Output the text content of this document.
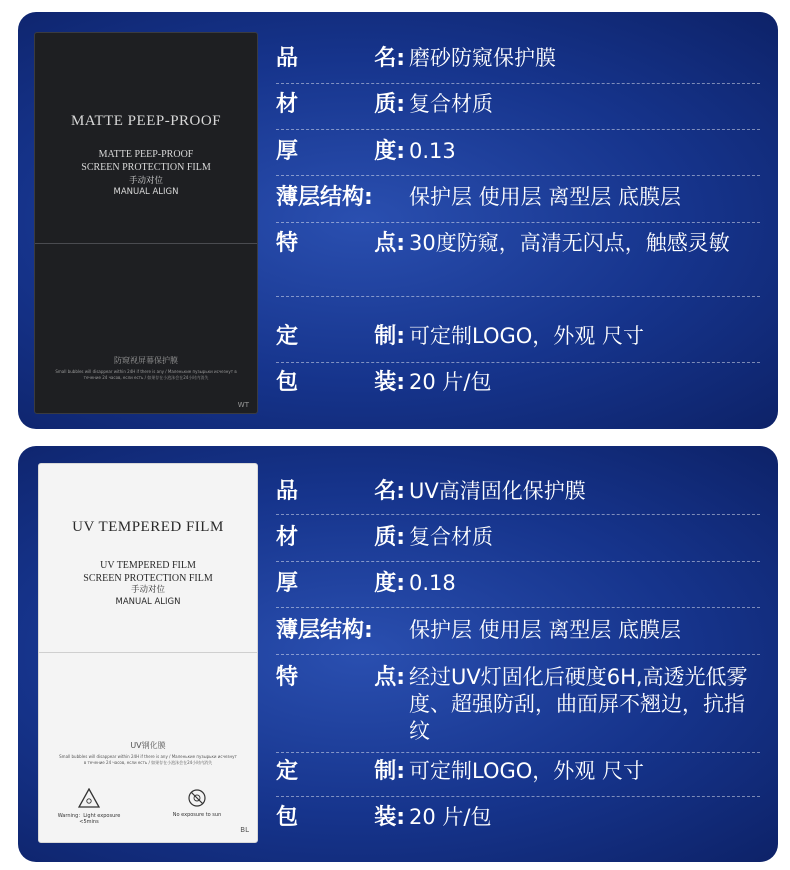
MATTE PEEP-PROOF
MATTE PEEP-PROOF
SCREEN PROTECTION FILM
手动对位
MANUAL ALIGN
防窥视屏幕保护膜
Small bubbles will disappear within 24H if there is any / Маленькие пузырьки исчезнут в течение 24 часов, если есть / 如果存在小泡沫会在24小时内消失
WT
品	名: 磨砂防窥保护膜
材	质: 复合材质
厚	度: 0.13
薄层结构: 保护层 使用层 离型层 底膜层
特	点: 30度防窥，高清无闪点，触感灵敏
定	制: 可定制LOGO，外观 尺寸
包	装: 20 片/包
UV TEMPERED FILM
UV TEMPERED FILM
SCREEN PROTECTION FILM
手动对位
MANUAL ALIGN
UV钢化膜
Small bubbles will disappear within 24H if there is any / Маленькие пузырьки исчезнут в течение 24 часов, если есть / 如果存在小泡沫会在24小时内消失
Warning：Light exposure <5mins
No exposure to sun
BL
品	名: UV高清固化保护膜
材	质: 复合材质
厚	度: 0.18
薄层结构: 保护层 使用层 离型层 底膜层
特	点: 经过UV灯固化后硬度6H,高透光低雾度、超强防刮，曲面屏不翘边，抗指纹
定	制: 可定制LOGO，外观 尺寸
包	装: 20 片/包
